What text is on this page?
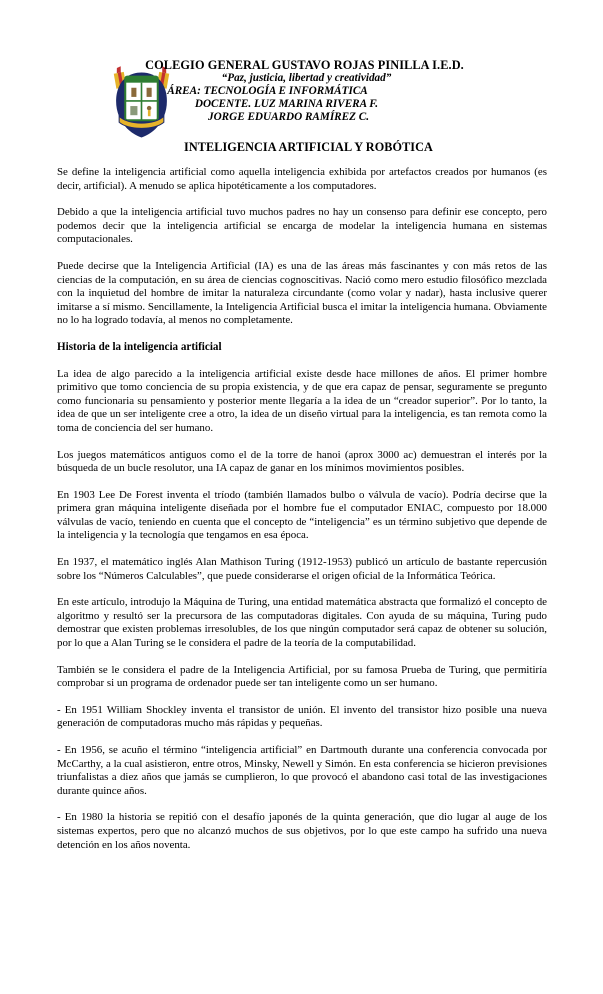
COLEGIO GENERAL GUSTAVO ROJAS PINILLA I.E.D.
“Paz, justicia, libertad y creatividad”
ÁREA: TECNOLOGÍA E INFORMÁTICA
DOCENTE. LUZ MARINA RIVERA F.
JORGE EDUARDO RAMÍREZ C.
INTELIGENCIA ARTIFICIAL Y ROBÓTICA

Se define la inteligencia artificial como aquella inteligencia exhibida por artefactos creados por humanos (es decir, artificial). A menudo se aplica hipotéticamente a los computadores.

Debido a que la inteligencia artificial tuvo muchos padres no hay un consenso para definir ese concepto, pero podemos decir que la inteligencia artificial se encarga de modelar la inteligencia humana en sistemas computacionales.

Puede decirse que la Inteligencia Artificial (IA) es una de las áreas más fascinantes y con más retos de las ciencias de la computación, en su área de ciencias cognoscitivas. Nació como mero estudio filosófico mezclada con la inquietud del hombre de imitar la naturaleza circundante (como volar y nadar), hasta inclusive querer imitarse a sí mismo. Sencillamente, la Inteligencia Artificial busca el imitar la inteligencia humana. Obviamente no lo ha logrado todavía, al menos no completamente.

Historia de la inteligencia artificial

La idea de algo parecido a la inteligencia artificial existe desde hace millones de años. El primer hombre primitivo que tomo conciencia de su propia existencia, y de que era capaz de pensar, seguramente se pregunto como funcionaria su pensamiento y posterior mente llegaría a la idea de un “creador superior”. Por lo tanto, la idea de que un ser inteligente cree a otro, la idea de un diseño virtual para la inteligencia, es tan remota como la toma de conciencia del ser humano.

Los juegos matemáticos antiguos como el de la torre de hanoi (aprox 3000 ac) demuestran el interés por la búsqueda de un bucle resolutor, una IA capaz de ganar en los mínimos movimientos posibles.

En 1903 Lee De Forest inventa el tríodo (también llamados bulbo o válvula de vacío). Podría decirse que la primera gran máquina inteligente diseñada por el hombre fue el computador ENIAC, compuesto por 18.000 válvulas de vacío, teniendo en cuenta que el concepto de “inteligencia” es un término subjetivo que depende de la inteligencia y la tecnología que tengamos en esa época.

En 1937, el matemático inglés Alan Mathison Turing (1912-1953) publicó un artículo de bastante repercusión sobre los “Números Calculables”, que puede considerarse el origen oficial de la Informática Teórica.

En este artículo, introdujo la Máquina de Turing, una entidad matemática abstracta que formalizó el concepto de algoritmo y resultó ser la precursora de las computadoras digitales. Con ayuda de su máquina, Turing pudo demostrar que existen problemas irresolubles, de los que ningún computador será capaz de obtener su solución, por lo que a Alan Turing se le considera el padre de la teoría de la computabilidad.

También se le considera el padre de la Inteligencia Artificial, por su famosa Prueba de Turing, que permitiría comprobar si un programa de ordenador puede ser tan inteligente como un ser humano.

- En 1951 William Shockley inventa el transistor de unión. El invento del transistor hizo posible una nueva generación de computadoras mucho más rápidas y pequeñas.

- En 1956, se acuño el término “inteligencia artificial” en Dartmouth durante una conferencia convocada por McCarthy, a la cual asistieron, entre otros, Minsky, Newell y Simón. En esta conferencia se hicieron previsiones triunfalistas a diez años que jamás se cumplieron, lo que provocó el abandono casi total de las investigaciones durante quince años.

- En 1980 la historia se repitió con el desafío japonés de la quinta generación, que dio lugar al auge de los sistemas expertos, pero que no alcanzó muchos de sus objetivos, por lo que este campo ha sufrido una nueva detención en los años noventa.
